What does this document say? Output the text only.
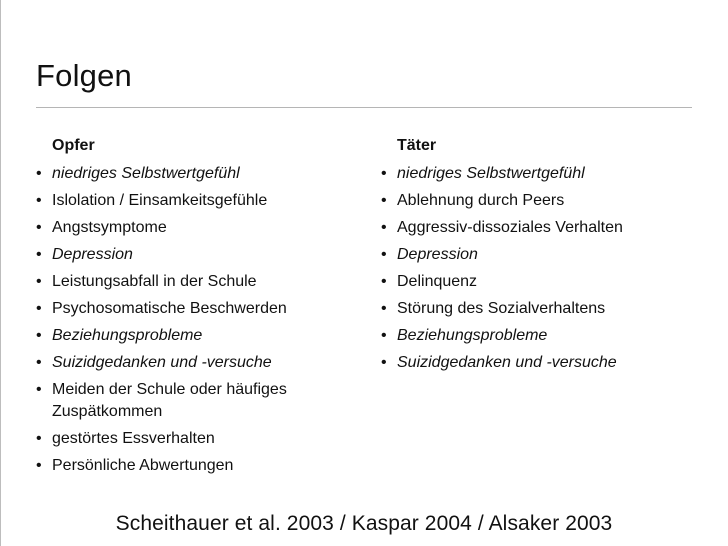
Folgen
Opfer
• niedriges Selbstwertgefühl
• Islolation / Einsamkeitsgefühle
• Angstsymptome
• Depression
• Leistungsabfall in der Schule
• Psychosomatische Beschwerden
• Beziehungsprobleme
• Suizidgedanken und -versuche
• Meiden der Schule oder häufiges Zuspätkommen
• gestörtes Essverhalten
• Persönliche Abwertungen
Täter
• niedriges Selbstwertgefühl
• Ablehnung durch Peers
• Aggressiv-dissoziales Verhalten
• Depression
• Delinquenz
• Störung des Sozialverhaltens
• Beziehungsprobleme
• Suizidgedanken und -versuche
Scheithauer et al. 2003 / Kaspar 2004 / Alsaker 2003
